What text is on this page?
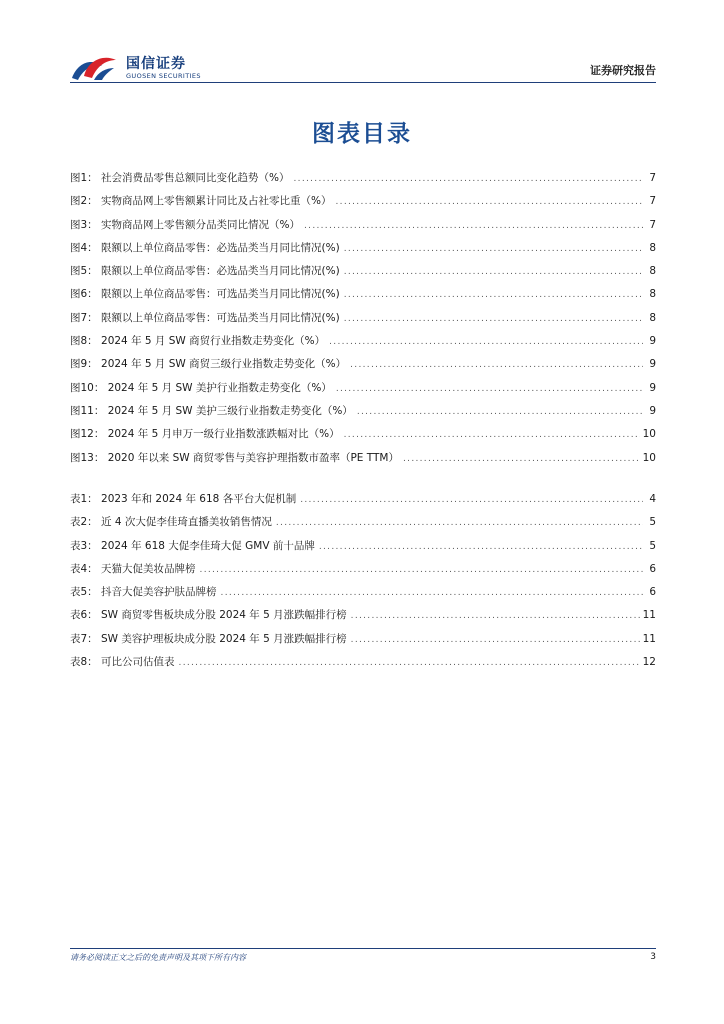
国信证券
GUOSEN SECURITIES	证券研究报告
图表目录
图1： 社会消费品零售总额同比变化趋势（%） .....	7
图2： 实物商品网上零售额累计同比及占社零比重（%） .....	7
图3： 实物商品网上零售额分品类同比情况（%） .....	7
图4： 限额以上单位商品零售：必选品类当月同比情况(%) .....	8
图5： 限额以上单位商品零售：必选品类当月同比情况(%) .....	8
图6： 限额以上单位商品零售：可选品类当月同比情况(%) .....	8
图7： 限额以上单位商品零售：可选品类当月同比情况(%) .....	8
图8： 2024 年 5 月 SW 商贸行业指数走势变化（%） .....	9
图9： 2024 年 5 月 SW 商贸三级行业指数走势变化（%） .....	9
图10： 2024 年 5 月 SW 美护行业指数走势变化（%） .....	9
图11： 2024 年 5 月 SW 美护三级行业指数走势变化（%） .....	9
图12： 2024 年 5 月申万一级行业指数涨跌幅对比（%） .....	10
图13： 2020 年以来 SW 商贸零售与美容护理指数市盈率（PE TTM） .....	10
表1： 2023 年和 2024 年 618 各平台大促机制 .....	4
表2： 近 4 次大促李佳琦直播美妆销售情况 .....	5
表3： 2024 年 618 大促李佳琦大促 GMV 前十品牌 .....	5
表4： 天猫大促美妆品牌榜 .....	6
表5： 抖音大促美容护肤品牌榜 .....	6
表6： SW 商贸零售板块成分股 2024 年 5 月涨跌幅排行榜 .....	11
表7： SW 美容护理板块成分股 2024 年 5 月涨跌幅排行榜 .....	11
表8： 可比公司估值表 .....	12
请务必阅读正文之后的免责声明及其项下所有内容	3
